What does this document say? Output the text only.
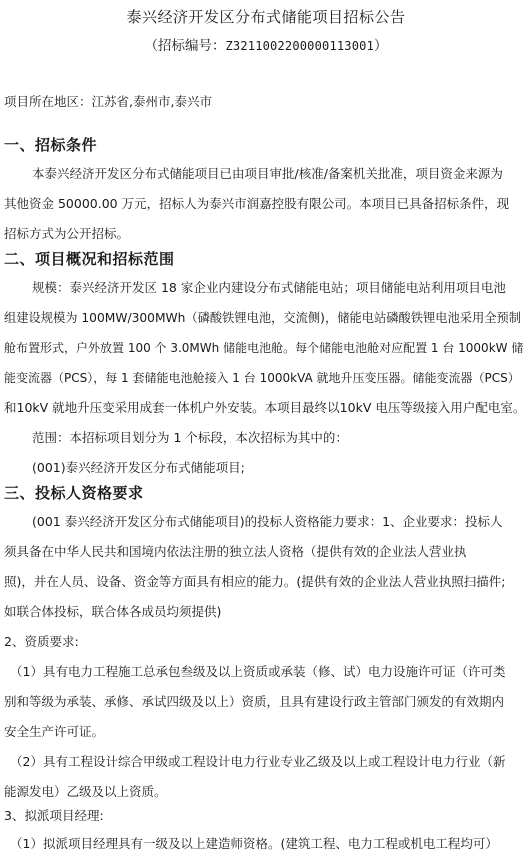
泰兴经济开发区分布式储能项目招标公告
（招标编号：Z3211002200000113001）
项目所在地区：江苏省,泰州市,泰兴市
一、招标条件
本泰兴经济开发区分布式储能项目已由项目审批/核准/备案机关批准，项目资金来源为
其他资金 50000.00 万元，招标人为泰兴市润嘉控股有限公司。本项目已具备招标条件，现
招标方式为公开招标。
二、项目概况和招标范围
规模：泰兴经济开发区 18 家企业内建设分布式储能电站；项目储能电站利用项目电池
组建设规模为 100MW/300MWh（磷酸铁锂电池，交流侧)，储能电站磷酸铁锂电池采用全预制
舱布置形式，户外放置 100 个 3.0MWh 储能电池舱。每个储能电池舱对应配置 1 台 1000kW 储
能变流器（PCS），每 1 套储能电池舱接入 1 台 1000kVA 就地升压变压器。储能变流器（PCS）
和10kV 就地升压变采用成套一体机户外安装。本项目最终以10kV 电压等级接入用户配电室。
范围：本招标项目划分为 1 个标段，本次招标为其中的：
(001)泰兴经济开发区分布式储能项目;
三、投标人资格要求
(001 泰兴经济开发区分布式储能项目)的投标人资格能力要求：1、企业要求：投标人
须具备在中华人民共和国境内依法注册的独立法人资格（提供有效的企业法人营业执
照)，并在人员、设备、资金等方面具有相应的能力。(提供有效的企业法人营业执照扫描件;
如联合体投标，联合体各成员均须提供)
2、资质要求:
（1）具有电力工程施工总承包叁级及以上资质或承装（修、试）电力设施许可证（许可类
别和等级为承装、承修、承试四级及以上）资质，且具有建设行政主管部门颁发的有效期内
安全生产许可证。
（2）具有工程设计综合甲级或工程设计电力行业专业乙级及以上或工程设计电力行业（新
能源发电）乙级及以上资质。
3、拟派项目经理:
（1）拟派项目经理具有一级及以上建造师资格。(建筑工程、电力工程或机电工程均可）
